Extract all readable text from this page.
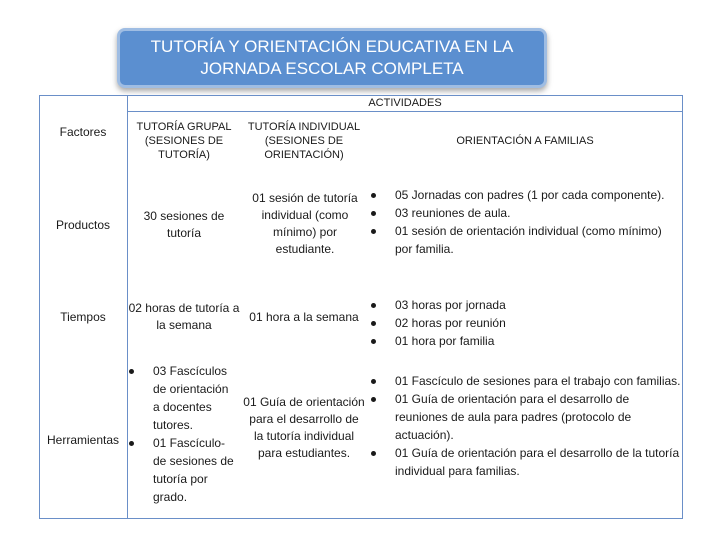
TUTORÍA Y ORIENTACIÓN EDUCATIVA EN LA
JORNADA ESCOLAR COMPLETA
ACTIVIDADES
Factores	TUTORÍA GRUPAL
(SESIONES DE
TUTORÍA)
TUTORÍA INDIVIDUAL
(SESIONES DE
ORIENTACIÓN)
ORIENTACIÓN A FAMILIAS
Productos
30 sesiones de tutoría
01 sesión de tutoría individual (como mínimo) por estudiante.
05 Jornadas con padres (1 por cada componente).
03 reuniones de aula.
01 sesión de orientación individual (como mínimo) por familia.
Tiempos
02 horas de tutoría a la semana
01 hora a la semana
03 horas por jornada
02 horas por reunión
01 hora por familia
Herramientas
03 Fascículos de orientación a docentes tutores.
01 Fascículo- de sesiones de tutoría por grado.
01 Guía de orientación para el desarrollo de la tutoría individual para estudiantes.
01 Fascículo de sesiones para el trabajo con familias.
01 Guía de orientación para el desarrollo de reuniones de aula para padres (protocolo de actuación).
01 Guía de orientación para el desarrollo de la tutoría individual para familias.
